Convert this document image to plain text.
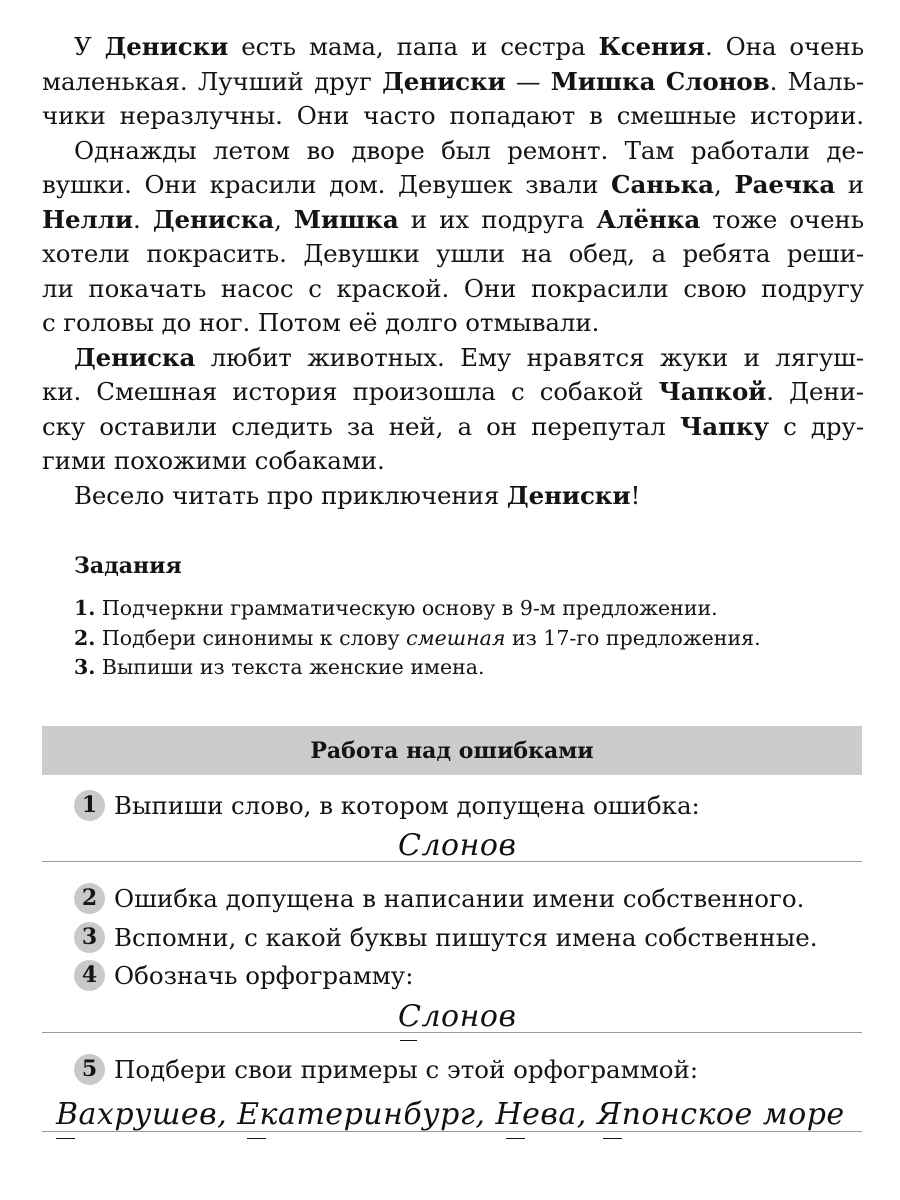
У Дениски есть мама, папа и сестра Ксения. Она очень
маленькая. Лучший друг Дениски — Мишка Слонов. Маль-
чики неразлучны. Они часто попадают в смешные истории.
Однажды летом во дворе был ремонт. Там работали де-
вушки. Они красили дом. Девушек звали Санька, Раечка и
Нелли. Дениска, Мишка и их подруга Алёнка тоже очень
хотели покрасить. Девушки ушли на обед, а ребята реши-
ли покачать насос с краской. Они покрасили свою подругу
с головы до ног. Потом её долго отмывали.
Дениска любит животных. Ему нравятся жуки и лягуш-
ки. Смешная история произошла с собакой Чапкой. Дени-
ску оставили следить за ней, а он перепутал Чапку с дру-
гими похожими собаками.
Весело читать про приключения Дениски!
Задания
1. Подчеркни грамматическую основу в 9-м предложении.
2. Подбери синонимы к слову смешная из 17-го предложения.
3. Выпиши из текста женские имена.
Работа над ошибками
1 Выпиши слово, в котором допущена ошибка:
Слонов
2 Ошибка допущена в написании имени собственного.
3 Вспомни, с какой буквы пишутся имена собственные.
4 Обозначь орфограмму:
Слонов
5 Подбери свои примеры с этой орфограммой:
Вахрушев, Екатеринбург, Нева, Японское море
